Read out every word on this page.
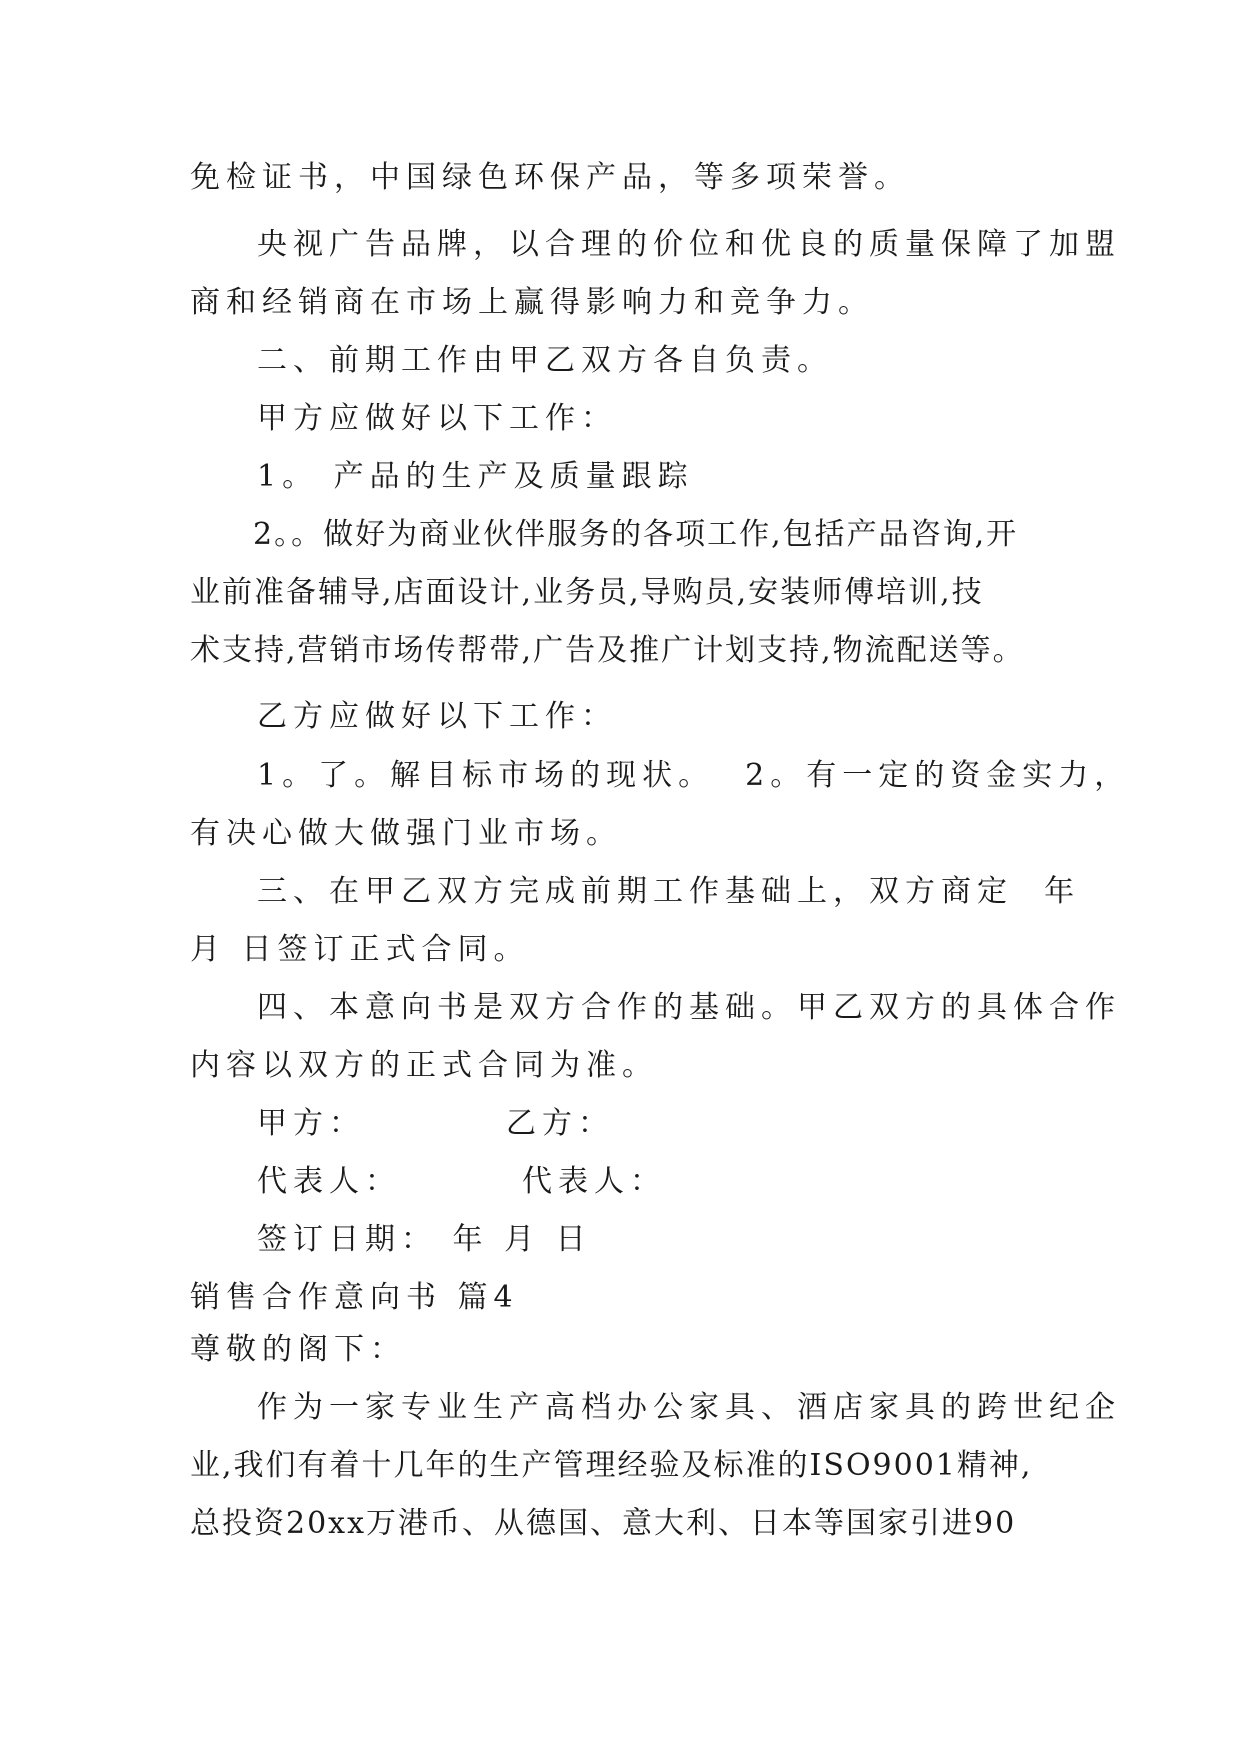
免检证书，中国绿色环保产品，等多项荣誉。
央视广告品牌，以合理的价位和优良的质量保障了加盟
商和经销商在市场上赢得影响力和竞争力。
二、前期工作由甲乙双方各自负责。
甲方应做好以下工作：
1。 产品的生产及质量跟踪
2。。做好为商业伙伴服务的各项工作,包括产品咨询,开
业前准备辅导,店面设计,业务员,导购员,安装师傅培训,技
术支持,营销市场传帮带,广告及推广计划支持,物流配送等。
乙方应做好以下工作：
1。了。解目标市场的现状。  2。有一定的资金实力，
有决心做大做强门业市场。
三、在甲乙双方完成前期工作基础上，双方商定  年
月 日签订正式合同。
四、本意向书是双方合作的基础。甲乙双方的具体合作
内容以双方的正式合同为准。
甲方：	乙方：
代表人：	代表人：
签订日期： 年 月 日
销售合作意向书 篇4
尊敬的阁下：
作为一家专业生产高档办公家具、酒店家具的跨世纪企
业,我们有着十几年的生产管理经验及标准的ISO9001精神,
总投资20xx万港币、从德国、意大利、日本等国家引进90
